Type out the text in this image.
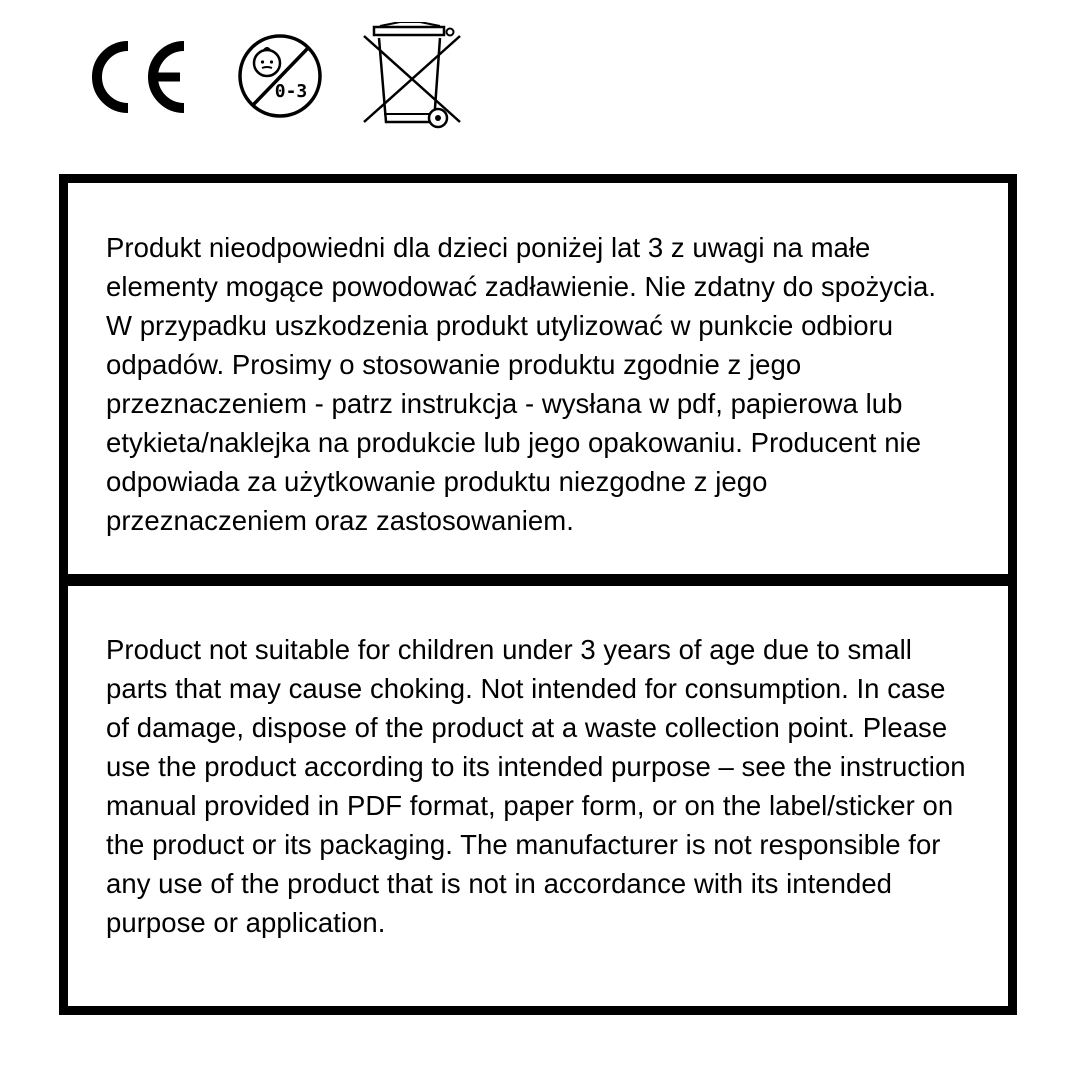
0-3

Produkt nieodpowiedni dla dzieci poniżej lat 3 z uwagi na małe elementy mogące powodować zadławienie. Nie zdatny do spożycia. W przypadku uszkodzenia produkt utylizować w punkcie odbioru odpadów. Prosimy o stosowanie produktu zgodnie z jego przeznaczeniem - patrz instrukcja - wysłana w pdf, papierowa lub etykieta/naklejka na produkcie lub jego opakowaniu. Producent nie odpowiada za użytkowanie produktu niezgodne z jego przeznaczeniem oraz zastosowaniem.

Product not suitable for children under 3 years of age due to small parts that may cause choking. Not intended for consumption. In case of damage, dispose of the product at a waste collection point. Please use the product according to its intended purpose – see the instruction manual provided in PDF format, paper form, or on the label/sticker on the product or its packaging. The manufacturer is not responsible for any use of the product that is not in accordance with its intended purpose or application.
